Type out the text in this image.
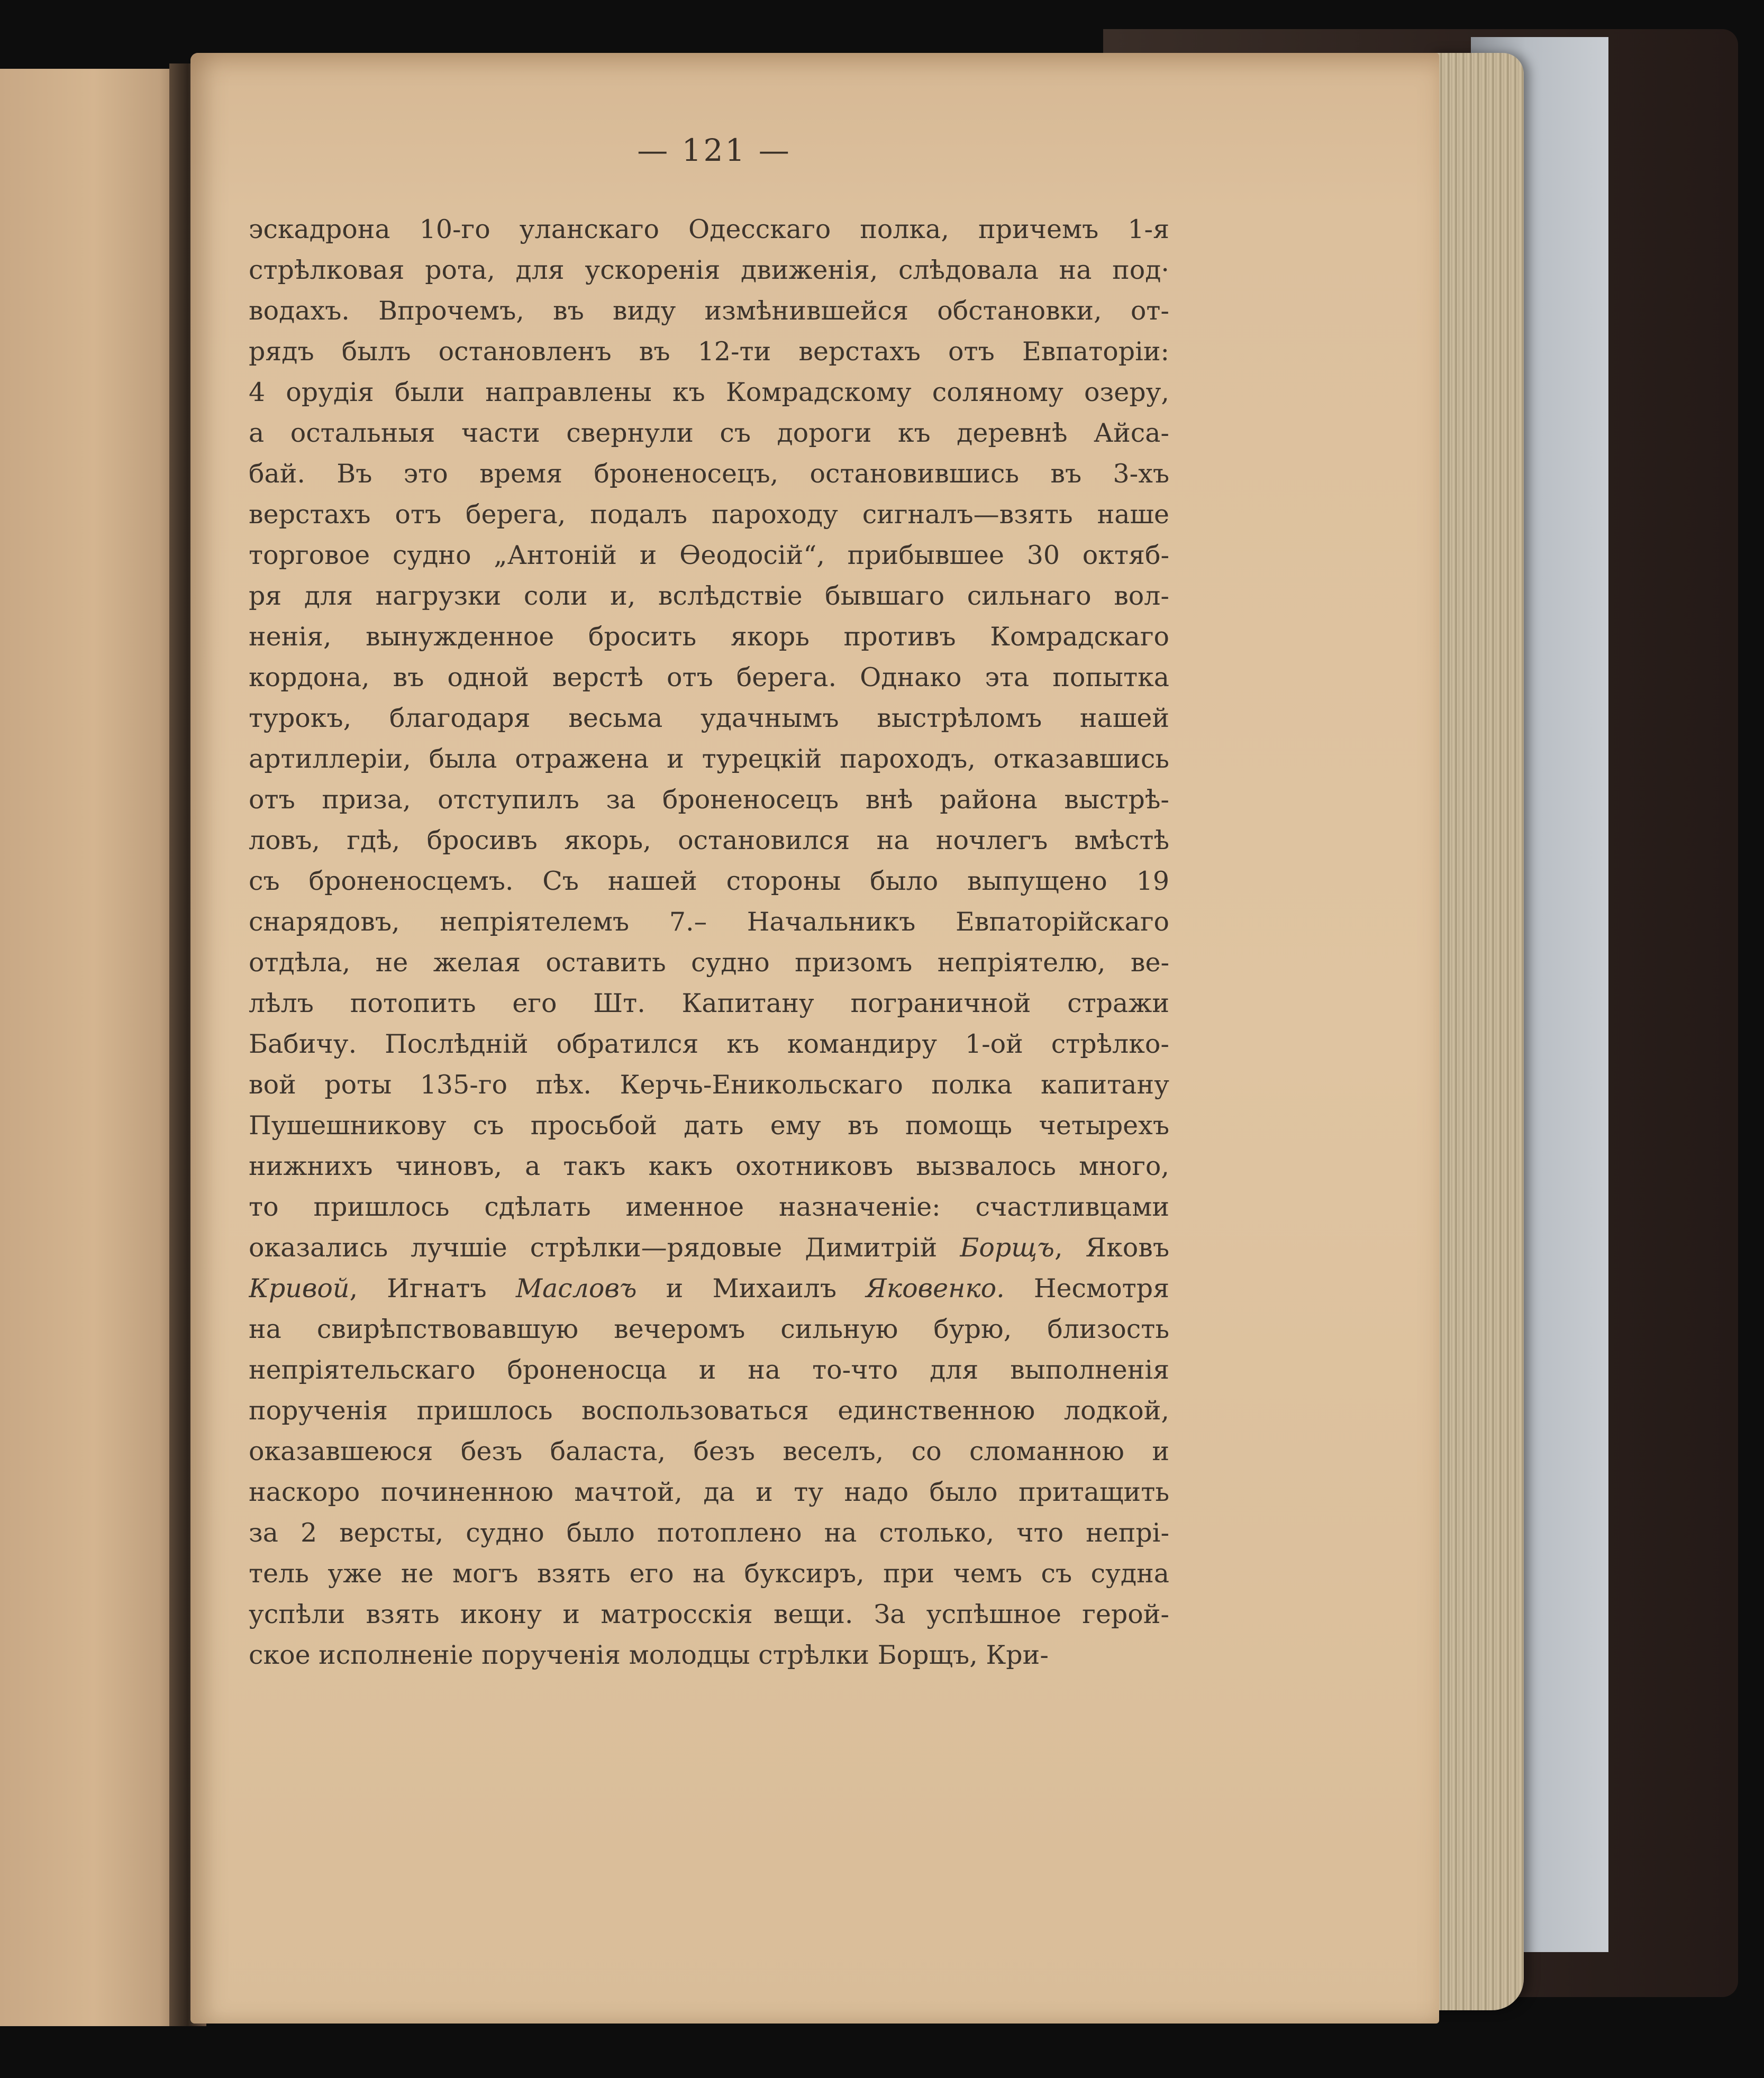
— 121 —
эскадрона 10-го уланскаго Одесскаго полка, причемъ 1-я
стрѣлковая рота, для ускоренія движенія, слѣдовала на под·
водахъ. Впрочемъ, въ виду измѣнившейся обстановки, от-
рядъ былъ остановленъ въ 12-ти верстахъ отъ Евпаторіи:
4 орудія были направлены къ Комрадскому соляному озеру,
а остальныя части свернули съ дороги къ деревнѣ Айса-
бай. Въ это время броненосецъ, остановившись въ 3-хъ
верстахъ отъ берега, подалъ пароходу сигналъ—взять наше
торговое судно „Антоній и Ѳеодосій“, прибывшее 30 октяб-
ря для нагрузки соли и, вслѣдствіе бывшаго сильнаго вол-
ненія, вынужденное бросить якорь противъ Комрадскаго
кордона, въ одной верстѣ отъ берега. Однако эта попытка
турокъ, благодаря весьма удачнымъ выстрѣломъ нашей
артиллеріи, была отражена и турецкій пароходъ, отказавшись
отъ приза, отступилъ за броненосецъ внѣ района выстрѣ-
ловъ, гдѣ, бросивъ якорь, остановился на ночлегъ вмѣстѣ
съ броненосцемъ. Съ нашей стороны было выпущено 19
снарядовъ, непріятелемъ 7.– Начальникъ Евпаторійскаго
отдѣла, не желая оставить судно призомъ непріятелю, ве-
лѣлъ потопить его Шт. Капитану пограничной стражи
Бабичу. Послѣдній обратился къ командиру 1-ой стрѣлко-
вой роты 135-го пѣх. Керчь-Еникольскаго полка капитану
Пушешникову съ просьбой дать ему въ помощь четырехъ
нижнихъ чиновъ, а такъ какъ охотниковъ вызвалось много,
то пришлось сдѣлать именное назначеніе: счастливцами
оказались лучшіе стрѣлки—рядовые Димитрій Борщъ, Яковъ
Кривой, Игнатъ Масловъ и Михаилъ Яковенко. Несмотря
на свирѣпствовавшую вечеромъ сильную бурю, близость
непріятельскаго броненосца и на то-что для выполненія
порученія пришлось воспользоваться единственною лодкой,
оказавшеюся безъ баласта, безъ веселъ, со сломанною и
наскоро починенною мачтой, да и ту надо было притащить
за 2 версты, судно было потоплено на столько, что непрі-
тель уже не могъ взять его на буксиръ, при чемъ съ судна
успѣли взять икону и матросскія вещи. За успѣшное герой-
ское исполненіе порученія молодцы стрѣлки Борщъ, Кри-
